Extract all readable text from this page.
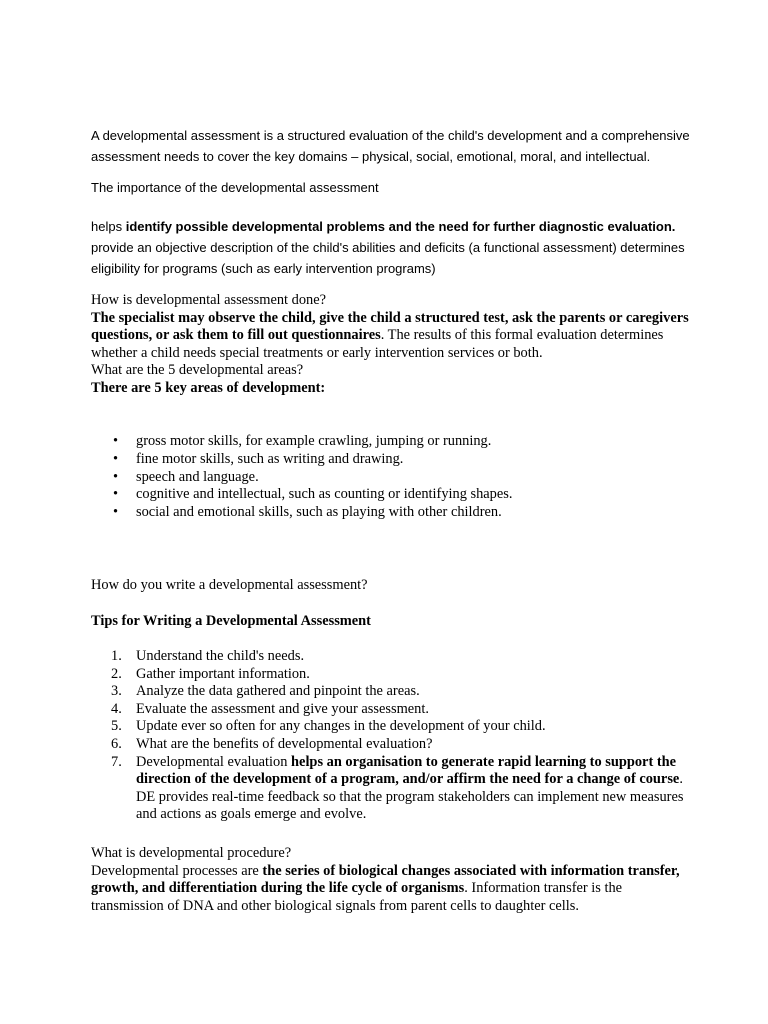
A developmental assessment is a structured evaluation of the child's development and a comprehensive
assessment needs to cover the key domains – physical, social, emotional, moral, and intellectual.

The importance of the developmental assessment

helps identify possible developmental problems and the need for further diagnostic evaluation.

provide an objective description of the child's abilities and deficits (a functional assessment) determines
eligibility for programs (such as early intervention programs)

How is developmental assessment done?
The specialist may observe the child, give the child a structured test, ask the parents or caregivers questions, or ask them to fill out questionnaires. The results of this formal evaluation determines whether a child needs special treatments or early intervention services or both.
What are the 5 developmental areas?
There are 5 key areas of development:

• gross motor skills, for example crawling, jumping or running.
• fine motor skills, such as writing and drawing.
• speech and language.
• cognitive and intellectual, such as counting or identifying shapes.
• social and emotional skills, such as playing with other children.

How do you write a developmental assessment?

Tips for Writing a Developmental Assessment

1. Understand the child's needs.
2. Gather important information.
3. Analyze the data gathered and pinpoint the areas.
4. Evaluate the assessment and give your assessment.
5. Update ever so often for any changes in the development of your child.
6. What are the benefits of developmental evaluation?
7. Developmental evaluation helps an organisation to generate rapid learning to support the direction of the development of a program, and/or affirm the need for a change of course. DE provides real-time feedback so that the program stakeholders can implement new measures and actions as goals emerge and evolve.

What is developmental procedure?
Developmental processes are the series of biological changes associated with information transfer, growth, and differentiation during the life cycle of organisms. Information transfer is the transmission of DNA and other biological signals from parent cells to daughter cells.
